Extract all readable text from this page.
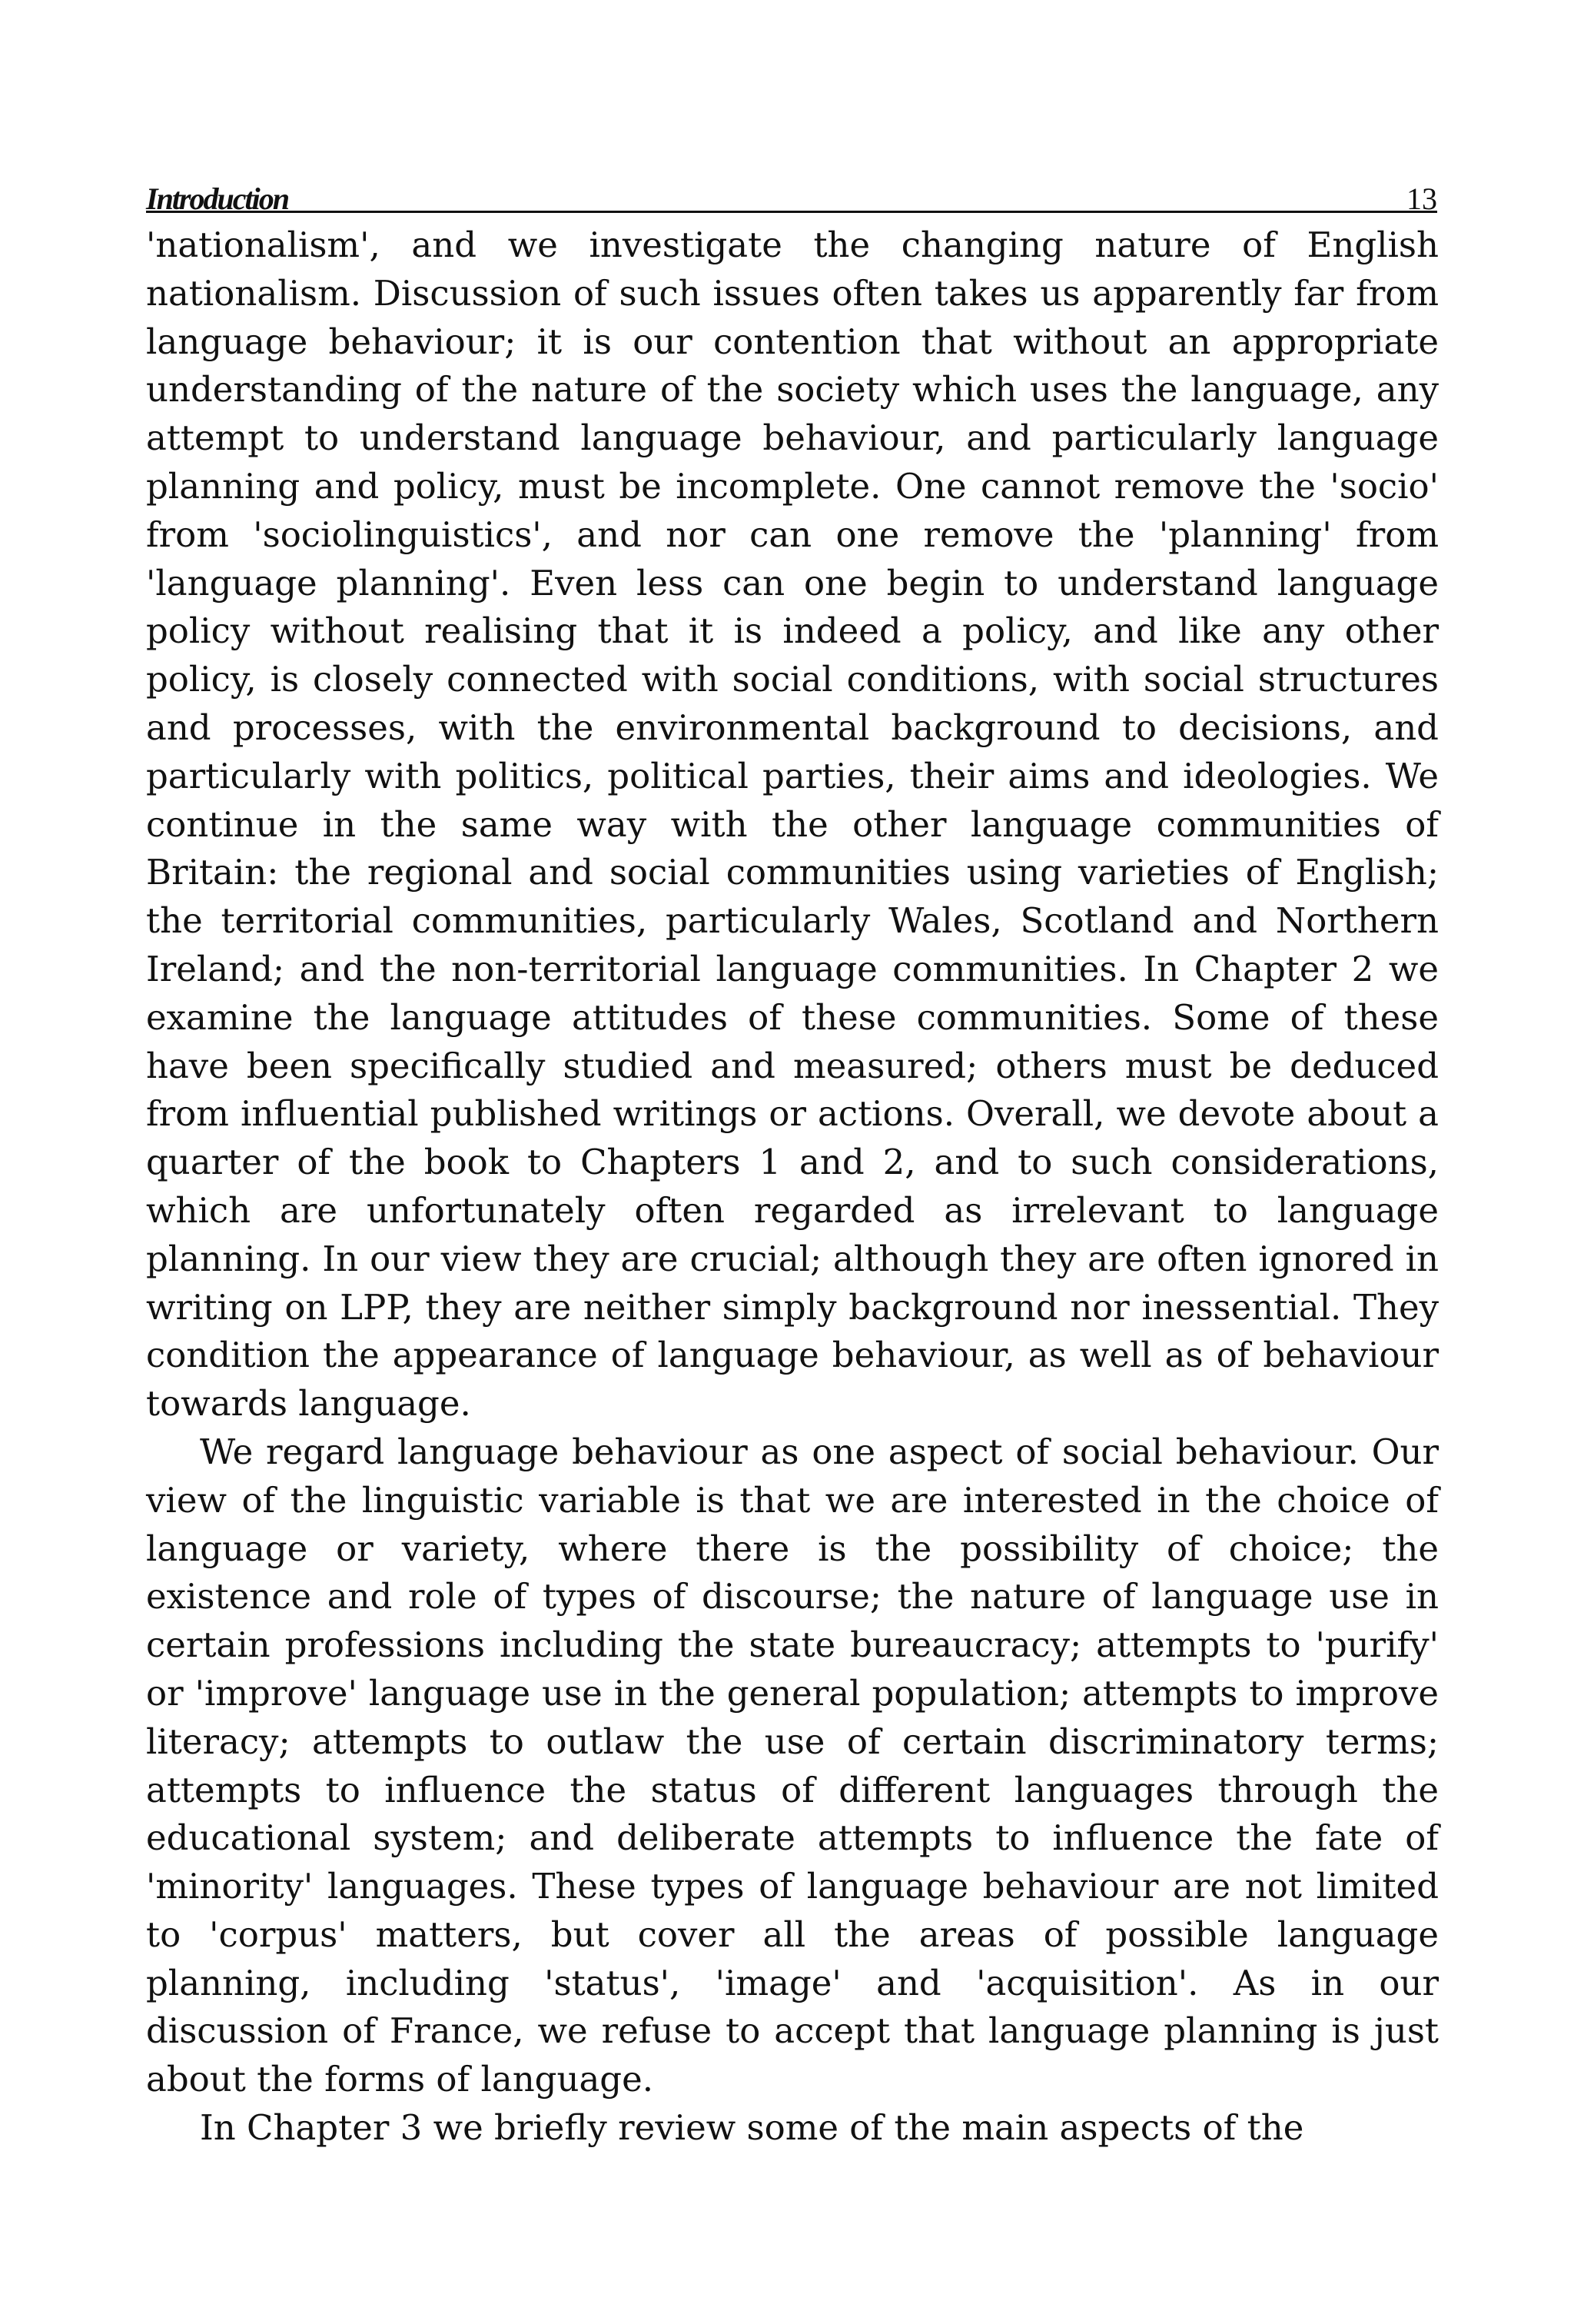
Introduction	13

'nationalism', and we investigate the changing nature of English nationalism. Discussion of such issues often takes us apparently far from language behaviour; it is our contention that without an appropriate understanding of the nature of the society which uses the language, any attempt to understand language behaviour, and particularly language planning and policy, must be incomplete. One cannot remove the 'socio' from 'sociolinguistics', and nor can one remove the 'planning' from 'language planning'. Even less can one begin to understand language policy without realising that it is indeed a policy, and like any other policy, is closely connected with social conditions, with social structures and processes, with the environmental background to decisions, and particularly with politics, political parties, their aims and ideologies. We continue in the same way with the other language communities of Britain: the regional and social communities using varieties of English; the territorial communities, particularly Wales, Scotland and Northern Ireland; and the non-territorial language communities. In Chapter 2 we examine the language attitudes of these communities. Some of these have been specifically studied and measured; others must be deduced from influential published writings or actions. Overall, we devote about a quarter of the book to Chapters 1 and 2, and to such considerations, which are unfortunately often regarded as irrelevant to language planning. In our view they are crucial; although they are often ignored in writing on LPP, they are neither simply background nor inessential. They condition the appearance of language behaviour, as well as of behaviour towards language.

We regard language behaviour as one aspect of social behaviour. Our view of the linguistic variable is that we are interested in the choice of language or variety, where there is the possibility of choice; the existence and role of types of discourse; the nature of language use in certain professions including the state bureaucracy; attempts to 'purify' or 'improve' language use in the general population; attempts to improve literacy; attempts to outlaw the use of certain discriminatory terms; attempts to influence the status of different languages through the educational system; and deliberate attempts to influence the fate of 'minority' languages. These types of language behaviour are not limited to 'corpus' matters, but cover all the areas of possible language planning, including 'status', 'image' and 'acquisition'. As in our discussion of France, we refuse to accept that language planning is just about the forms of language.

In Chapter 3 we briefly review some of the main aspects of the
